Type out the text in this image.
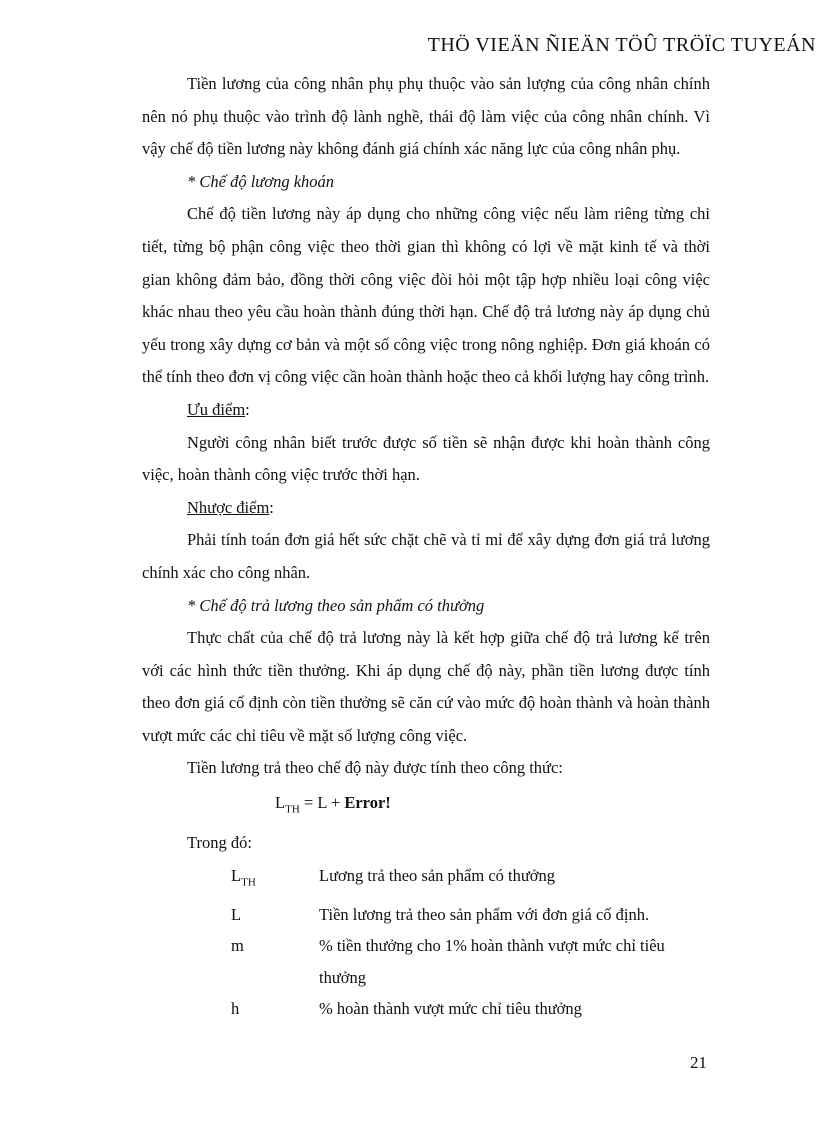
THÖ VIEÄN ÑIEÄN TÖÛ TRÖÏC TUYEÁN

Tiền lương của công nhân phụ phụ thuộc vào sản lượng của công nhân chính nên nó phụ thuộc vào trình độ lành nghề, thái độ làm việc của công nhân chính. Vì vậy chế độ tiền lương này không đánh giá chính xác năng lực của công nhân phụ.

* Chế độ lương khoán

Chế độ tiền lương này áp dụng cho những công việc nếu làm riêng từng chi tiết, từng bộ phận công việc theo thời gian thì không có lợi về mặt kinh tế và thời gian không đảm bảo, đồng thời công việc đòi hỏi một tập hợp nhiều loại công việc khác nhau theo yêu cầu hoàn thành đúng thời hạn. Chế độ trả lương này áp dụng chủ yếu trong xây dựng cơ bản và một số công việc trong nông nghiệp. Đơn giá khoán có thể tính theo đơn vị công việc cần hoàn thành hoặc theo cả khối lượng hay công trình.

Ưu điểm:

Người công nhân biết trước được số tiền sẽ nhận được khi hoàn thành công việc, hoàn thành công việc trước thời hạn.

Nhược điểm:

Phải tính toán đơn giá hết sức chặt chẽ và tỉ mỉ để xây dựng đơn giá trả lương chính xác cho công nhân.

* Chế độ trả lương theo sản phẩm có thưởng

Thực chất của chế độ trả lương này là kết hợp giữa chế độ trả lương kể trên với các hình thức tiền thưởng. Khi áp dụng chế độ này, phần tiền lương được tính theo đơn giá cố định còn tiền thưởng sẽ căn cứ vào mức độ hoàn thành và hoàn thành vượt mức các chỉ tiêu về mặt số lượng công việc.

Tiền lương trả theo chế độ này được tính theo công thức:

$L_{TH} = L$ + Error!

Trong đó:

$L_{TH}$	Lương trả theo sản phẩm có thưởng
L	Tiền lương trả theo sản phẩm với đơn giá cố định.
m	% tiền thưởng cho 1% hoàn thành vượt mức chỉ tiêu thưởng
h	% hoàn thành vượt mức chỉ tiêu thưởng
21
